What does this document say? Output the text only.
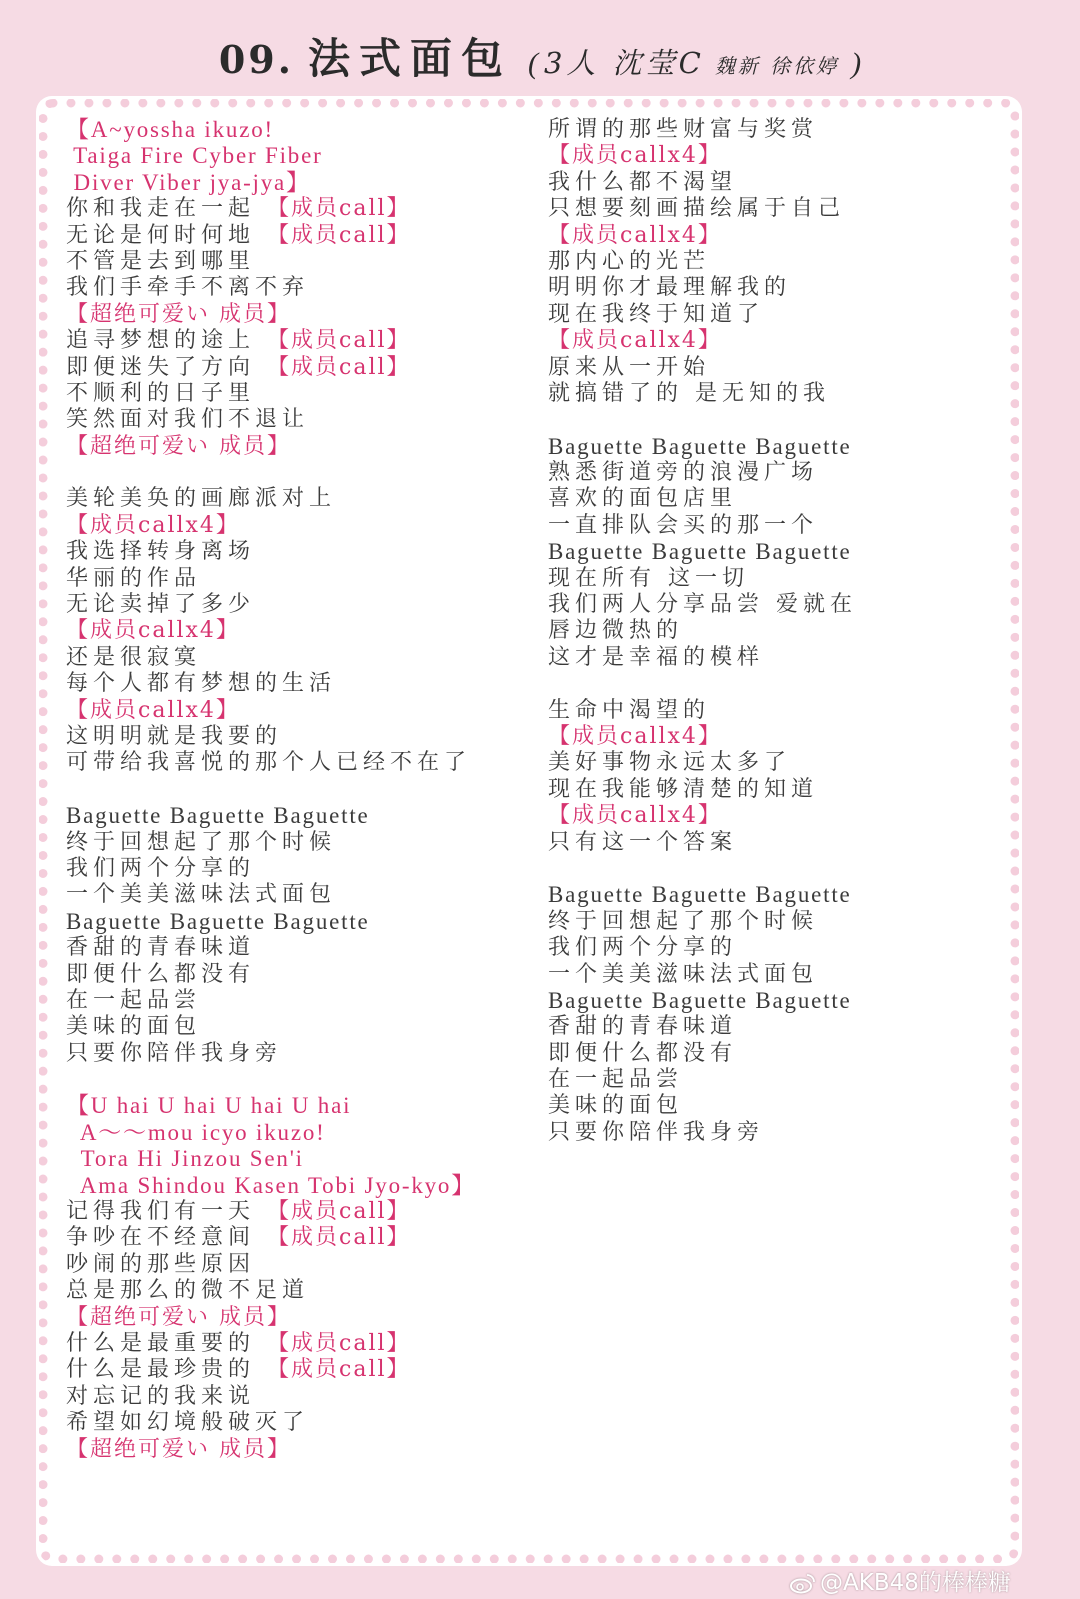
09. 法式面包 ( 3人 沈莹C 魏新 徐依婷 )
【A~yossha ikuzo!
Taiga Fire Cyber Fiber
Diver Viber jya-jya】
你和我走在一起 【成员call】
无论是何时何地 【成员call】
不管是去到哪里
我们手牵手不离不弃
【超绝可爱い 成员】
追寻梦想的途上 【成员call】
即便迷失了方向 【成员call】
不顺利的日子里
笑然面对我们不退让
【超绝可爱い 成员】
美轮美奂的画廊派对上
【成员callx4】
我选择转身离场
华丽的作品
无论卖掉了多少
【成员callx4】
还是很寂寞
每个人都有梦想的生活
【成员callx4】
这明明就是我要的
可带给我喜悦的那个人已经不在了
Baguette Baguette Baguette
终于回想起了那个时候
我们两个分享的
一个美美滋味法式面包
Baguette Baguette Baguette
香甜的青春味道
即便什么都没有
在一起品尝
美味的面包
只要你陪伴我身旁
【U hai U hai U hai U hai
A～～mou icyo ikuzo!
Tora Hi Jinzou Sen'i
Ama Shindou Kasen Tobi Jyo-kyo】
记得我们有一天 【成员call】
争吵在不经意间 【成员call】
吵闹的那些原因
总是那么的微不足道
【超绝可爱い 成员】
什么是最重要的 【成员call】
什么是最珍贵的 【成员call】
对忘记的我来说
希望如幻境般破灭了
【超绝可爱い 成员】
所谓的那些财富与奖赏
【成员callx4】
我什么都不渴望
只想要刻画描绘属于自己
【成员callx4】
那内心的光芒
明明你才最理解我的
现在我终于知道了
【成员callx4】
原来从一开始
就搞错了的 是无知的我
Baguette Baguette Baguette
熟悉街道旁的浪漫广场
喜欢的面包店里
一直排队会买的那一个
Baguette Baguette Baguette
现在所有 这一切
我们两人分享品尝 爱就在
唇边微热的
这才是幸福的模样
生命中渴望的
【成员callx4】
美好事物永远太多了
现在我能够清楚的知道
【成员callx4】
只有这一个答案
Baguette Baguette Baguette
终于回想起了那个时候
我们两个分享的
一个美美滋味法式面包
Baguette Baguette Baguette
香甜的青春味道
即便什么都没有
在一起品尝
美味的面包
只要你陪伴我身旁
@AKB48的棒棒糖
